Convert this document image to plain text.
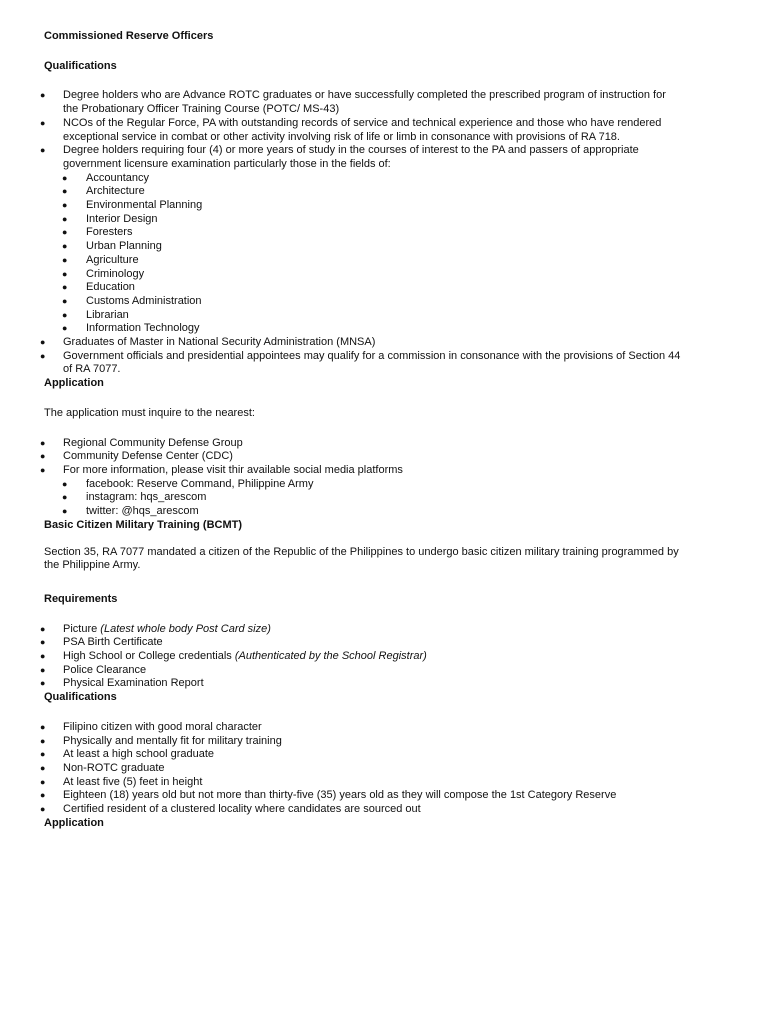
Commissioned Reserve Officers

Qualifications

● Degree holders who are Advance ROTC graduates or have successfully completed the prescribed program of instruction for the Probationary Officer Training Course (POTC/ MS-43)
● NCOs of the Regular Force, PA with outstanding records of service and technical experience and those who have rendered exceptional service in combat or other activity involving risk of life or limb in consonance with provisions of RA 718.
● Degree holders requiring four (4) or more years of study in the courses of interest to the PA and passers of appropriate government licensure examination particularly those in the fields of:
● Accountancy
● Architecture
● Environmental Planning
● Interior Design
● Foresters
● Urban Planning
● Agriculture
● Criminology
● Education
● Customs Administration
● Librarian
● Information Technology
● Graduates of Master in National Security Administration (MNSA)
● Government officials and presidential appointees may qualify for a commission in consonance with the provisions of Section 44 of RA 7077.

Application

The application must inquire to the nearest:

● Regional Community Defense Group
● Community Defense Center (CDC)
● For more information, please visit thir available social media platforms
● facebook: Reserve Command, Philippine Army
● instagram: hqs_arescom
● twitter: @hqs_arescom

Basic Citizen Military Training (BCMT)

Section 35, RA 7077 mandated a citizen of the Republic of the Philippines to undergo basic citizen military training programmed by the Philippine Army.

Requirements

● Picture (Latest whole body Post Card size)
● PSA Birth Certificate
● High School or College credentials (Authenticated by the School Registrar)
● Police Clearance
● Physical Examination Report

Qualifications

● Filipino citizen with good moral character
● Physically and mentally fit for military training
● At least a high school graduate
● Non-ROTC graduate
● At least five (5) feet in height
● Eighteen (18) years old but not more than thirty-five (35) years old as they will compose the 1st Category Reserve
● Certified resident of a clustered locality where candidates are sourced out

Application
